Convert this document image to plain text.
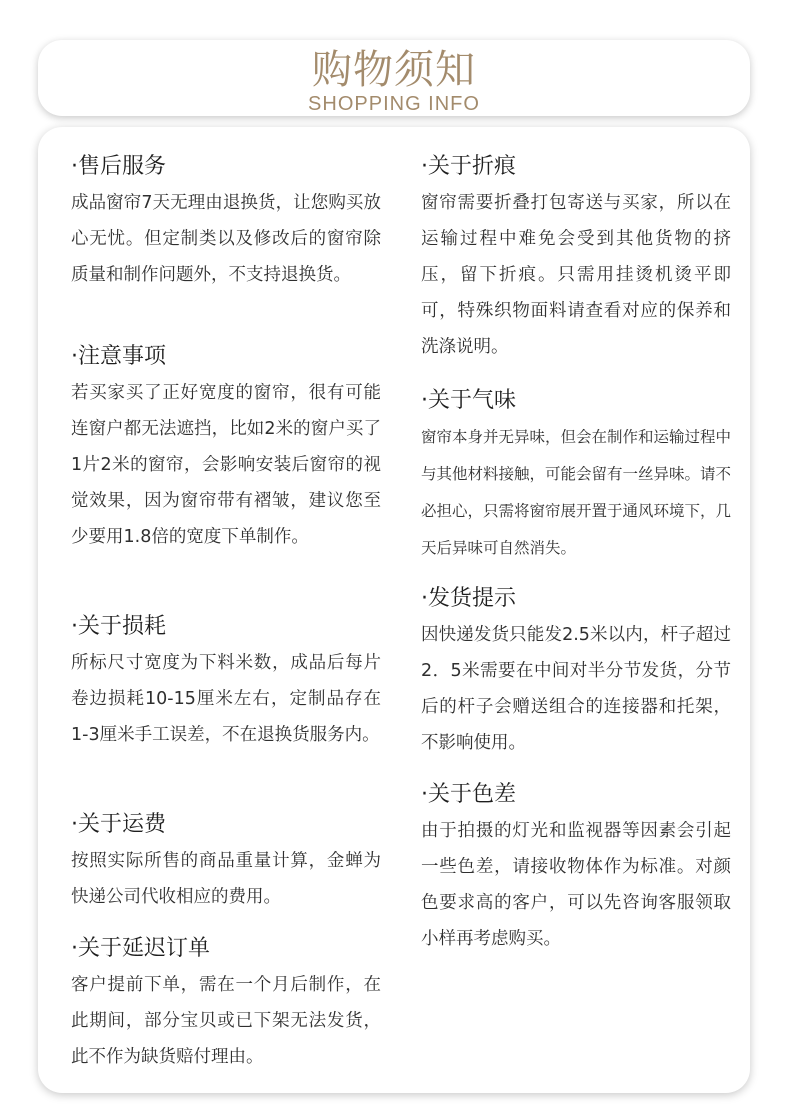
购物须知
SHOPPING INFO
·售后服务
成品窗帘7天无理由退换货，让您购买放心无忧。但定制类以及修改后的窗帘除质量和制作问题外，不支持退换货。
·注意事项
若买家买了正好宽度的窗帘，很有可能连窗户都无法遮挡，比如2米的窗户买了1片2米的窗帘，会影响安装后窗帘的视觉效果，因为窗帘带有褶皱，建议您至少要用1.8倍的宽度下单制作。
·关于损耗
所标尺寸宽度为下料米数，成品后每片卷边损耗10-15厘米左右，定制品存在1-3厘米手工误差，不在退换货服务内。
·关于运费
按照实际所售的商品重量计算，金蝉为快递公司代收相应的费用。
·关于延迟订单
客户提前下单，需在一个月后制作，在此期间，部分宝贝或已下架无法发货，此不作为缺货赔付理由。
·关于折痕
窗帘需要折叠打包寄送与买家，所以在运输过程中难免会受到其他货物的挤压，留下折痕。只需用挂烫机烫平即可，特殊织物面料请查看对应的保养和洗涤说明。
·关于气味
窗帘本身并无异味，但会在制作和运输过程中与其他材料接触，可能会留有一丝异味。请不必担心，只需将窗帘展开置于通风环境下，几天后异味可自然消失。
·发货提示
因快递发货只能发2.5米以内，杆子超过2．5米需要在中间对半分节发货，分节后的杆子会赠送组合的连接器和托架，不影响使用。
·关于色差
由于拍摄的灯光和监视器等因素会引起一些色差，请接收物体作为标准。对颜色要求高的客户，可以先咨询客服领取小样再考虑购买。
